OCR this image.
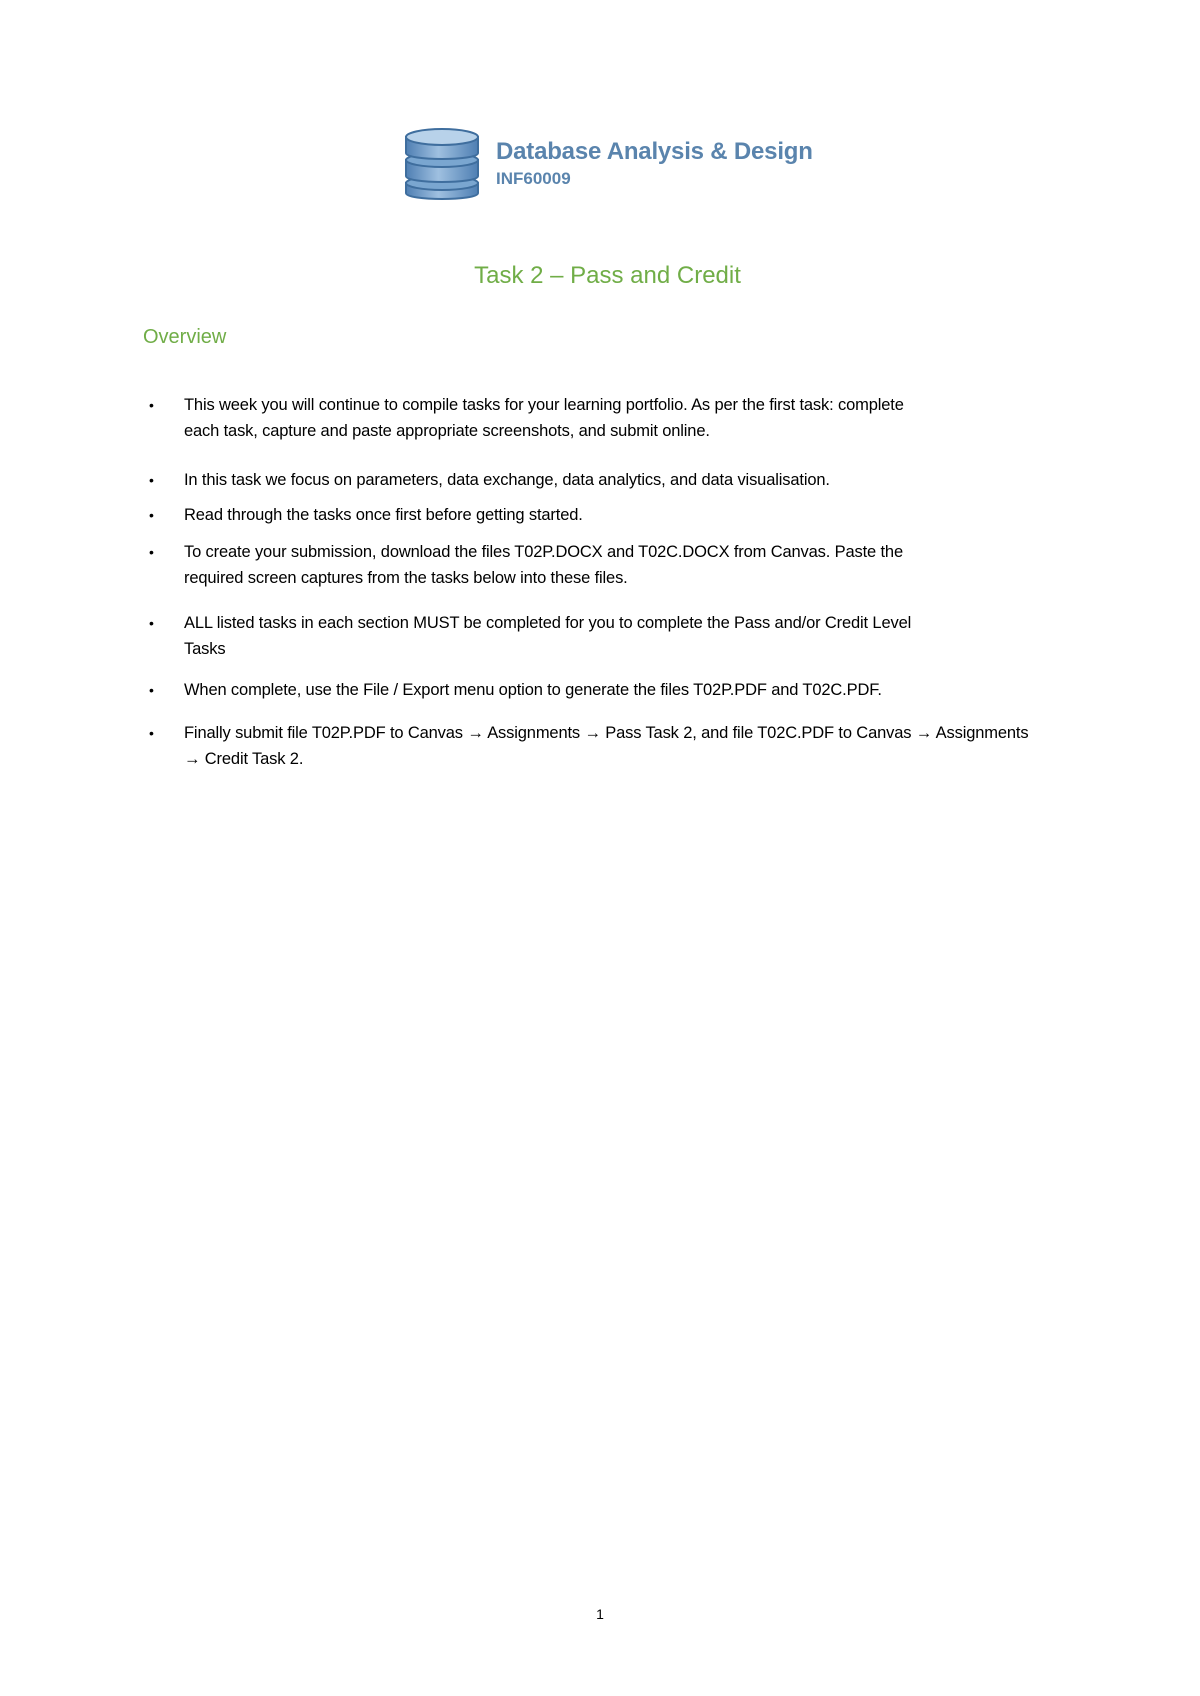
Database Analysis & Design
INF60009
Task 2 – Pass and Credit
Overview
• This week you will continue to compile tasks for your learning portfolio. As per the first task: complete
each task, capture and paste appropriate screenshots, and submit online.
• In this task we focus on parameters, data exchange, data analytics, and data visualisation.
• Read through the tasks once first before getting started.
• To create your submission, download the files T02P.DOCX and T02C.DOCX from Canvas. Paste the
required screen captures from the tasks below into these files.
• ALL listed tasks in each section MUST be completed for you to complete the Pass and/or Credit Level
Tasks
• When complete, use the File / Export menu option to generate the files T02P.PDF and T02C.PDF.
• Finally submit file T02P.PDF to Canvas → Assignments → Pass Task 2, and file T02C.PDF to Canvas → Assignments
→ Credit Task 2.
1
